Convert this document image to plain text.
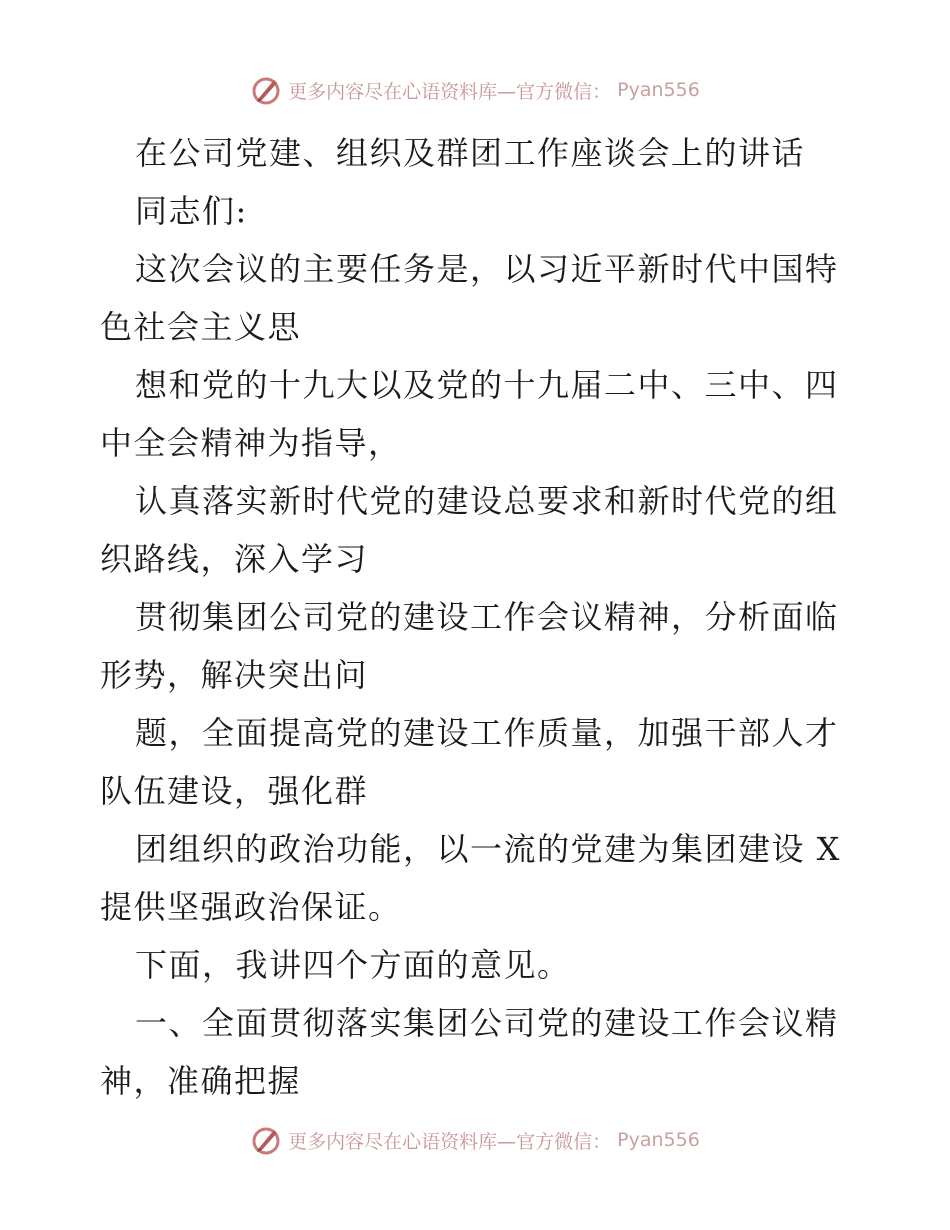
更多内容尽在心语资料库—官方微信： Pyan556
在公司党建、组织及群团工作座谈会上的讲话
同志们:
这次会议的主要任务是，以习近平新时代中国特
色社会主义思
想和党的十九大以及党的十九届二中、三中、四
中全会精神为指导，
认真落实新时代党的建设总要求和新时代党的组
织路线，深入学习
贯彻集团公司党的建设工作会议精神，分析面临
形势，解决突出问
题，全面提高党的建设工作质量，加强干部人才
队伍建设，强化群
团组织的政治功能，以一流的党建为集团建设 X
提供坚强政治保证。
下面，我讲四个方面的意见。
一、全面贯彻落实集团公司党的建设工作会议精
神，准确把握
更多内容尽在心语资料库—官方微信： Pyan556
